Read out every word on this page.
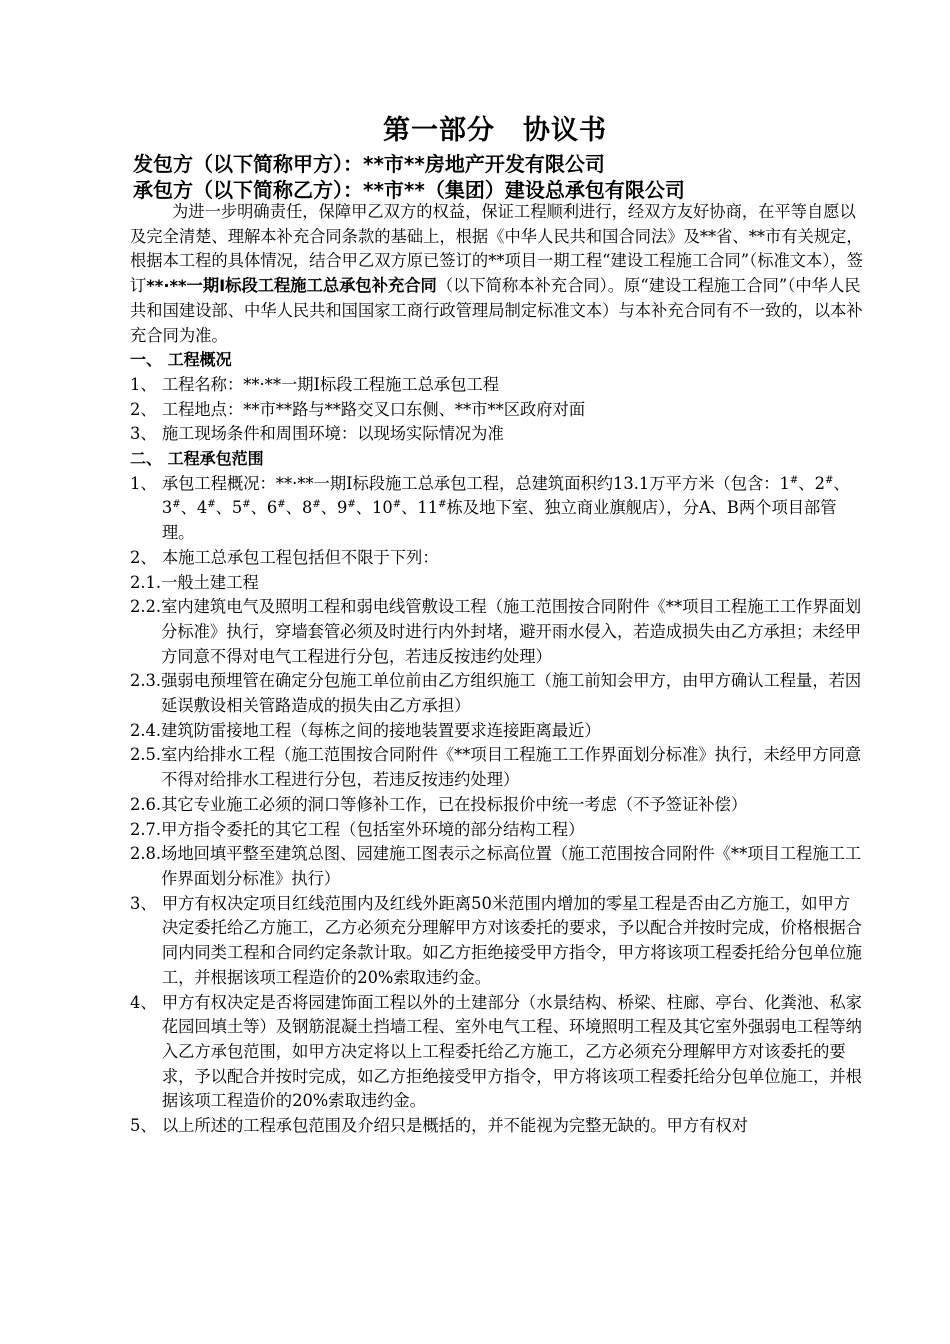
第一部分　协议书
发包方（以下简称甲方）：**市**房地产开发有限公司
承包方（以下简称乙方）：**市**（集团）建设总承包有限公司

为进一步明确责任，保障甲乙双方的权益，保证工程顺利进行，经双方友好协商，在平等自愿以及完全清楚、理解本补充合同条款的基础上，根据《中华人民共和国合同法》及**省、**市有关规定，根据本工程的具体情况，结合甲乙双方原已签订的**项目一期工程“建设工程施工合同”（标准文本），签订**·**一期Ⅰ标段工程施工总承包补充合同（以下简称本补充合同）。原“建设工程施工合同”（中华人民共和国建设部、中华人民共和国国家工商行政管理局制定标准文本）与本补充合同有不一致的，以本补充合同为准。

一、 工程概况

1、 工程名称：**·**一期Ⅰ标段工程施工总承包工程

2、 工程地点：**市**路与**路交叉口东侧、**市**区政府对面

3、 施工现场条件和周围环境：以现场实际情况为准

二、 工程承包范围

1、 承包工程概况：**·**一期Ⅰ标段施工总承包工程，总建筑面积约13.1万平方米（包含：1#、2#、3#、4#、5#、6#、8#、9#、10#、11#栋及地下室、独立商业旗舰店），分A、B两个项目部管理。

2、 本施工总承包工程包括但不限于下列：

2.1. 一般土建工程
2.2. 室内建筑电气及照明工程和弱电线管敷设工程（施工范围按合同附件《**项目工程施工工作界面划分标准》执行，穿墙套管必须及时进行内外封堵，避开雨水侵入，若造成损失由乙方承担；未经甲方同意不得对电气工程进行分包，若违反按违约处理）
2.3. 强弱电预埋管在确定分包施工单位前由乙方组织施工（施工前知会甲方，由甲方确认工程量，若因延误敷设相关管路造成的损失由乙方承担）
2.4. 建筑防雷接地工程（每栋之间的接地装置要求连接距离最近）
2.5. 室内给排水工程（施工范围按合同附件《**项目工程施工工作界面划分标准》执行，未经甲方同意不得对给排水工程进行分包，若违反按违约处理）
2.6. 其它专业施工必须的洞口等修补工作，已在投标报价中统一考虑（不予签证补偿）
2.7. 甲方指令委托的其它工程（包括室外环境的部分结构工程）
2.8. 场地回填平整至建筑总图、园建施工图表示之标高位置（施工范围按合同附件《**项目工程施工工作界面划分标准》执行）
3、 甲方有权决定项目红线范围内及红线外距离50米范围内增加的零星工程是否由乙方施工，如甲方决定委托给乙方施工，乙方必须充分理解甲方对该委托的要求，予以配合并按时完成，价格根据合同内同类工程和合同约定条款计取。如乙方拒绝接受甲方指令，甲方将该项工程委托给分包单位施工，并根据该项工程造价的20%索取违约金。
4、 甲方有权决定是否将园建饰面工程以外的土建部分（水景结构、桥梁、柱廊、亭台、化粪池、私家花园回填土等）及钢筋混凝土挡墙工程、室外电气工程、环境照明工程及其它室外强弱电工程等纳入乙方承包范围，如甲方决定将以上工程委托给乙方施工，乙方必须充分理解甲方对该委托的要求，予以配合并按时完成，如乙方拒绝接受甲方指令，甲方将该项工程委托给分包单位施工，并根据该项工程造价的20%索取违约金。
5、 以上所述的工程承包范围及介绍只是概括的，并不能视为完整无缺的。甲方有权对
